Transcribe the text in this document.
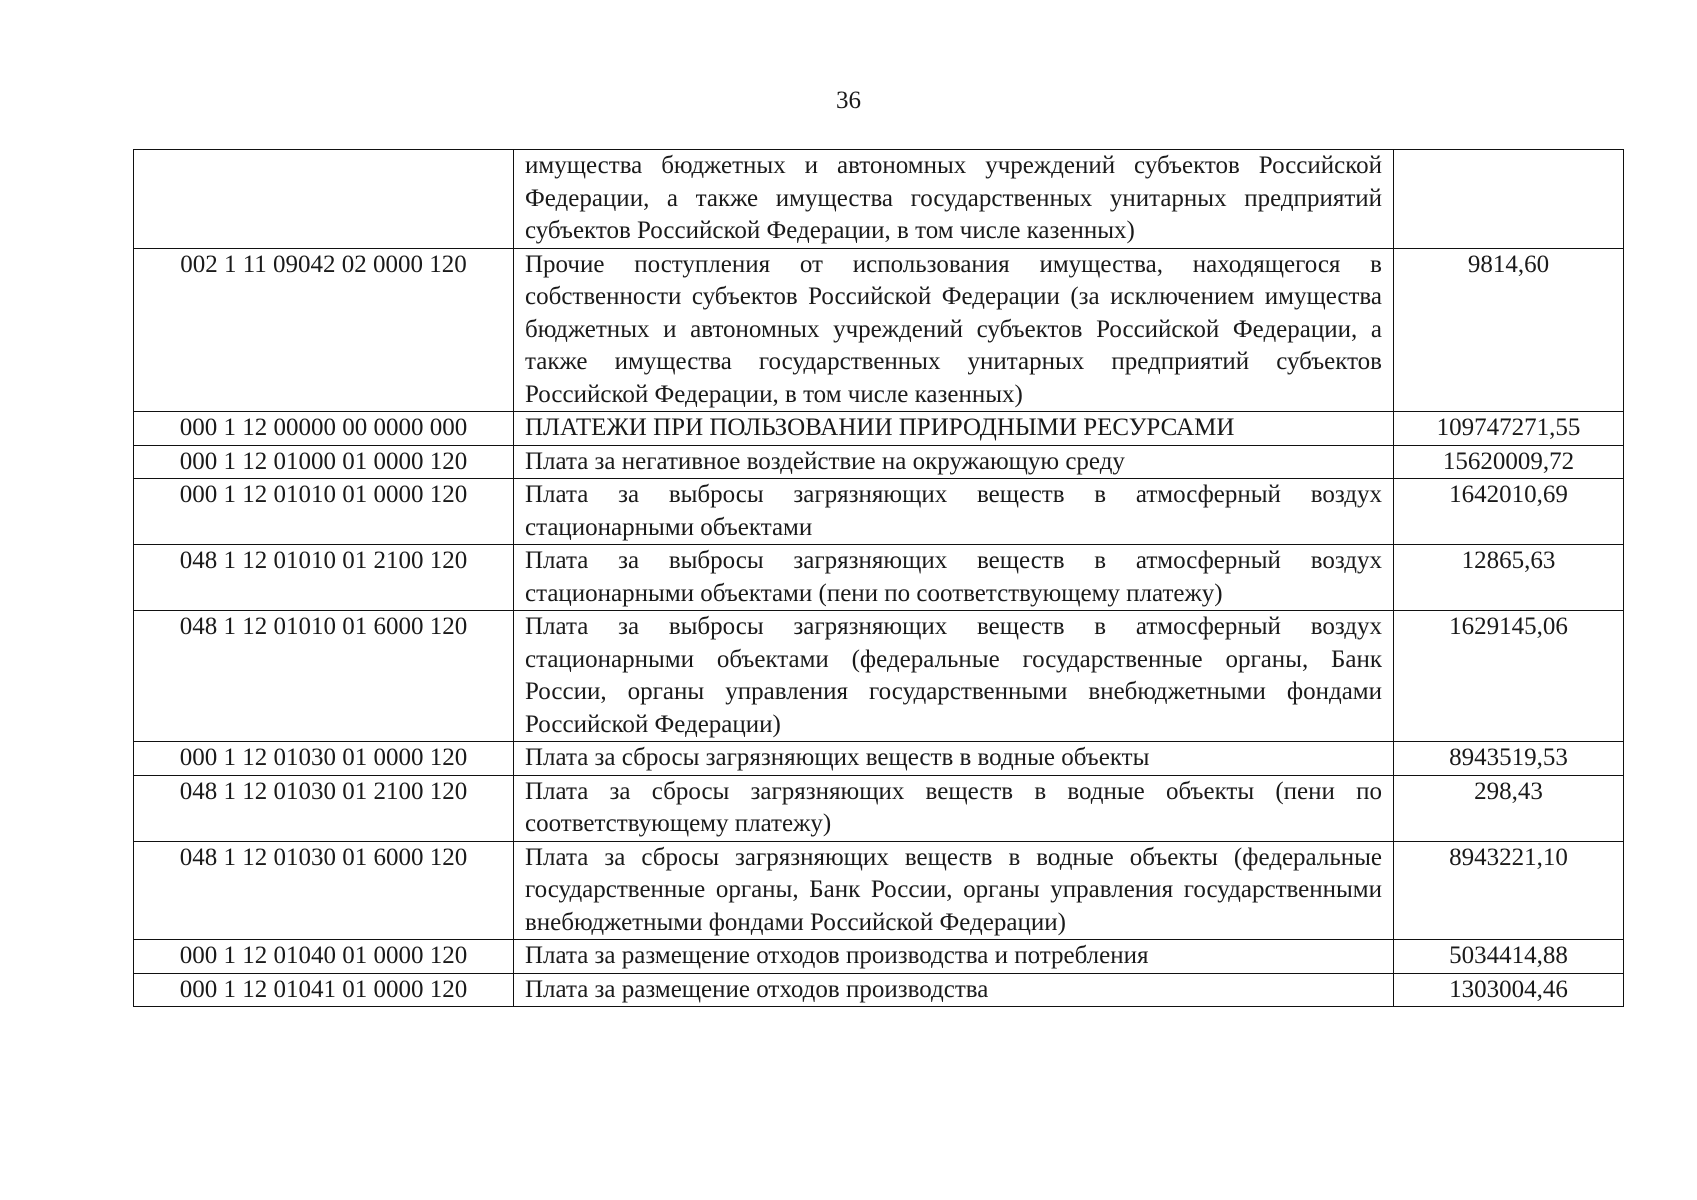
36
	имущества бюджетных и автономных учреждений субъектов Российской Федерации, а также имущества государственных унитарных предприятий субъектов Российской Федерации, в том числе казенных)	
002 1 11 09042 02 0000 120	Прочие поступления от использования имущества, находящегося в собственности субъектов Российской Федерации (за исключением имущества бюджетных и автономных учреждений субъектов Российской Федерации, а также имущества государственных унитарных предприятий субъектов Российской Федерации, в том числе казенных)	9814,60
000 1 12 00000 00 0000 000	ПЛАТЕЖИ ПРИ ПОЛЬЗОВАНИИ ПРИРОДНЫМИ РЕСУРСАМИ	109747271,55
000 1 12 01000 01 0000 120	Плата за негативное воздействие на окружающую среду	15620009,72
000 1 12 01010 01 0000 120	Плата за выбросы загрязняющих веществ в атмосферный воздух стационарными объектами	1642010,69
048 1 12 01010 01 2100 120	Плата за выбросы загрязняющих веществ в атмосферный воздух стационарными объектами (пени по соответствующему платежу)	12865,63
048 1 12 01010 01 6000 120	Плата за выбросы загрязняющих веществ в атмосферный воздух стационарными объектами (федеральные государственные органы, Банк России, органы управления государственными внебюджетными фондами Российской Федерации)	1629145,06
000 1 12 01030 01 0000 120	Плата за сбросы загрязняющих веществ в водные объекты	8943519,53
048 1 12 01030 01 2100 120	Плата за сбросы загрязняющих веществ в водные объекты (пени по соответствующему платежу)	298,43
048 1 12 01030 01 6000 120	Плата за сбросы загрязняющих веществ в водные объекты (федеральные государственные органы, Банк России, органы управления государственными внебюджетными фондами Российской Федерации)	8943221,10
000 1 12 01040 01 0000 120	Плата за размещение отходов производства и потребления	5034414,88
000 1 12 01041 01 0000 120	Плата за размещение отходов производства	1303004,46
